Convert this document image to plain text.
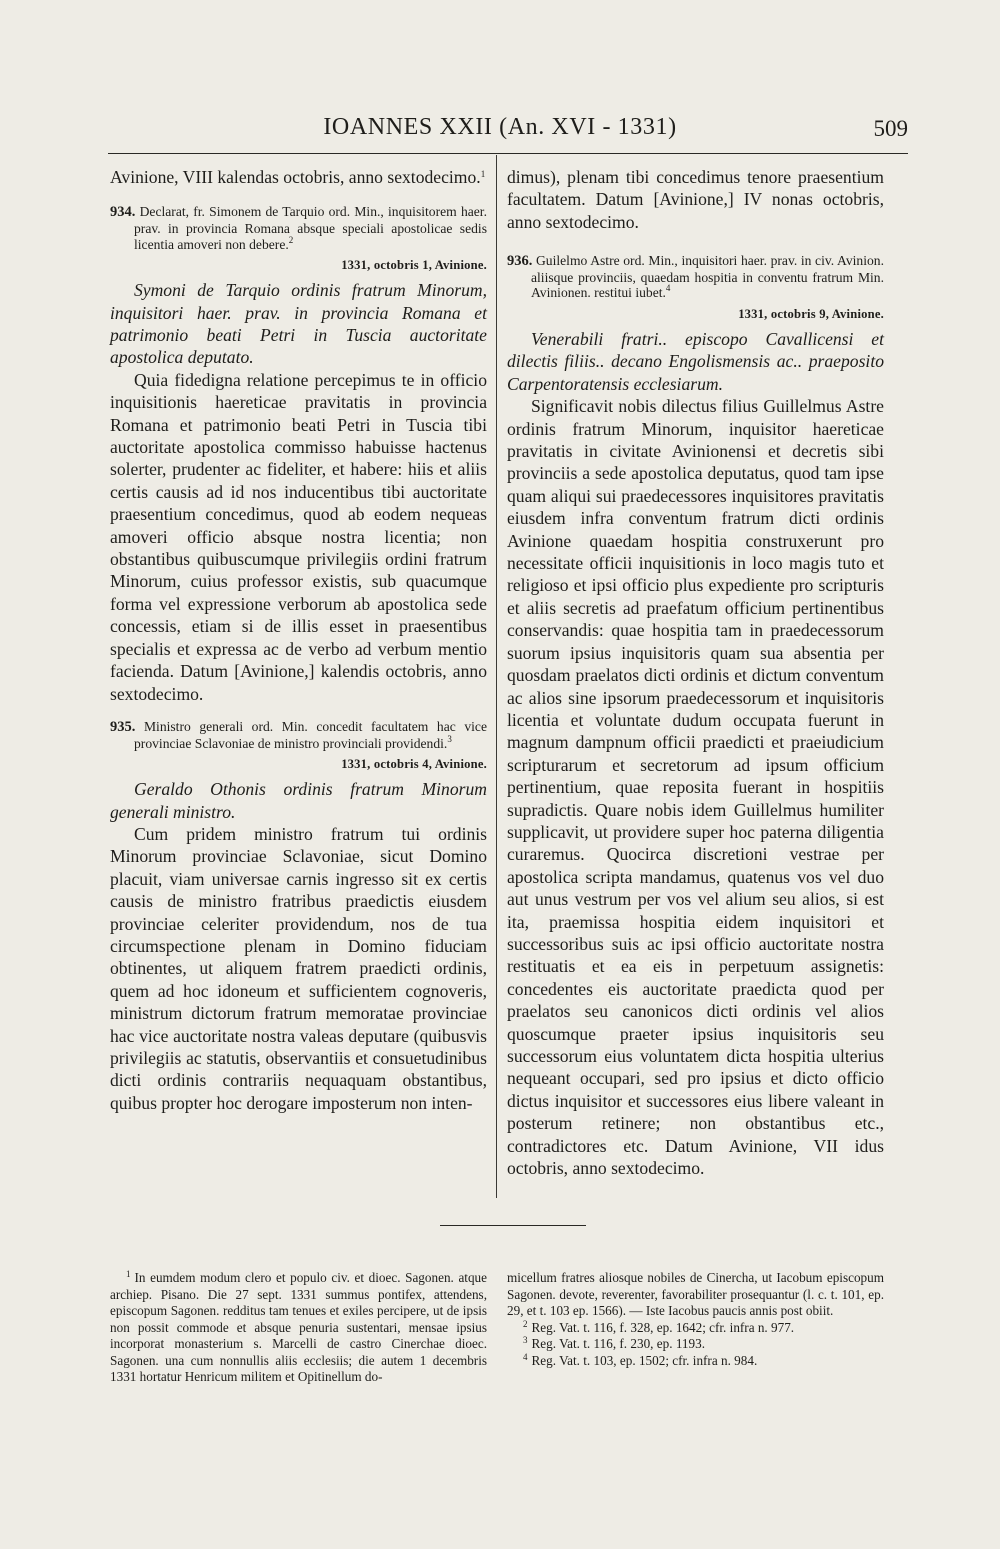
IOANNES XXII (An. XVI - 1331)	509

Avinione, VIII kalendas octobris, anno sextodecimo.$^1$

934. Declarat, fr. Simonem de Tarquio ord. Min., inquisitorem haer. prav. in provincia Romana absque speciali apostolicae sedis licentia amoveri non debere.$^2$

1331, octobris 1, Avinione.

Symoni de Tarquio ordinis fratrum Minorum, inquisitori haer. prav. in provincia Romana et patrimonio beati Petri in Tuscia auctoritate apostolica deputato.

Quia fidedigna relatione percepimus te in officio inquisitionis haereticae pravitatis in provincia Romana et patrimonio beati Petri in Tuscia tibi auctoritate apostolica commisso habuisse hactenus solerter, prudenter ac fideliter, et habere: hiis et aliis certis causis ad id nos inducentibus tibi auctoritate praesentium concedimus, quod ab eodem nequeas amoveri officio absque nostra licentia; non obstantibus quibuscumque privilegiis ordini fratrum Minorum, cuius professor existis, sub quacumque forma vel expressione verborum ab apostolica sede concessis, etiam si de illis esset in praesentibus specialis et expressa ac de verbo ad verbum mentio facienda. Datum [Avinione,] kalendis octobris, anno sextodecimo.

935. Ministro generali ord. Min. concedit facultatem hac vice provinciae Sclavoniae de ministro provinciali providendi.$^3$

1331, octobris 4, Avinione.

Geraldo Othonis ordinis fratrum Minorum generali ministro.

Cum pridem ministro fratrum tui ordinis Minorum provinciae Sclavoniae, sicut Domino placuit, viam universae carnis ingresso sit ex certis causis de ministro fratribus praedictis eiusdem provinciae celeriter providendum, nos de tua circumspectione plenam in Domino fiduciam obtinentes, ut aliquem fratrem praedicti ordinis, quem ad hoc idoneum et sufficientem cognoveris, ministrum dictorum fratrum memoratae provinciae hac vice auctoritate nostra valeas deputare (quibusvis privilegiis ac statutis, observantiis et consuetudinibus dicti ordinis contrariis nequaquam obstantibus, quibus propter hoc derogare imposterum non inten-

dimus), plenam tibi concedimus tenore praesentium facultatem. Datum [Avinione,] IV nonas octobris, anno sextodecimo.

936. Guilelmo Astre ord. Min., inquisitori haer. prav. in civ. Avinion. aliisque provinciis, quaedam hospitia in conventu fratrum Min. Avinionen. restitui iubet.$^4$

1331, octobris 9, Avinione.

Venerabili fratri.. episcopo Cavallicensi et dilectis filiis.. decano Engolismensis ac.. praeposito Carpentoratensis ecclesiarum.

Significavit nobis dilectus filius Guillelmus Astre ordinis fratrum Minorum, inquisitor haereticae pravitatis in civitate Avinionensi et decretis sibi provinciis a sede apostolica deputatus, quod tam ipse quam aliqui sui praedecessores inquisitores pravitatis eiusdem infra conventum fratrum dicti ordinis Avinione quaedam hospitia construxerunt pro necessitate officii inquisitionis in loco magis tuto et religioso et ipsi officio plus expediente pro scripturis et aliis secretis ad praefatum officium pertinentibus conservandis: quae hospitia tam in praedecessorum suorum ipsius inquisitoris quam sua absentia per quosdam praelatos dicti ordinis et dictum conventum ac alios sine ipsorum praedecessorum et inquisitoris licentia et voluntate dudum occupata fuerunt in magnum dampnum officii praedicti et praeiudicium scripturarum et secretorum ad ipsum officium pertinentium, quae reposita fuerant in hospitiis supradictis. Quare nobis idem Guillelmus humiliter supplicavit, ut providere super hoc paterna diligentia curaremus. Quocirca discretioni vestrae per apostolica scripta mandamus, quatenus vos vel duo aut unus vestrum per vos vel alium seu alios, si est ita, praemissa hospitia eidem inquisitori et successoribus suis ac ipsi officio auctoritate nostra restituatis et ea eis in perpetuum assignetis: concedentes eis auctoritate praedicta quod per praelatos seu canonicos dicti ordinis vel alios quoscumque praeter ipsius inquisitoris seu successorum eius voluntatem dicta hospitia ulterius nequeant occupari, sed pro ipsius et dicto officio dictus inquisitor et successores eius libere valeant in posterum retinere; non obstantibus etc., contradictores etc. Datum Avinione, VII idus octobris, anno sextodecimo.

$^1$ In eumdem modum clero et populo civ. et dioec. Sagonen. atque archiep. Pisano. Die 27 sept. 1331 summus pontifex, attendens, episcopum Sagonen. redditus tam tenues et exiles percipere, ut de ipsis non possit commode et absque penuria sustentari, mensae ipsius incorporat monasterium s. Marcelli de castro Cinerchae dioec. Sagonen. una cum nonnullis aliis ecclesiis; die autem 1 decembris 1331 hortatur Henricum militem et Opitinellum do-

micellum fratres aliosque nobiles de Cinercha, ut Iacobum episcopum Sagonen. devote, reverenter, favorabiliter prosequantur (l. c. t. 101, ep. 29, et t. 103 ep. 1566). — Iste Iacobus paucis annis post obiit.

$^2$ Reg. Vat. t. 116, f. 328, ep. 1642; cfr. infra n. 977.

$^3$ Reg. Vat. t. 116, f. 230, ep. 1193.

$^4$ Reg. Vat. t. 103, ep. 1502; cfr. infra n. 984.
